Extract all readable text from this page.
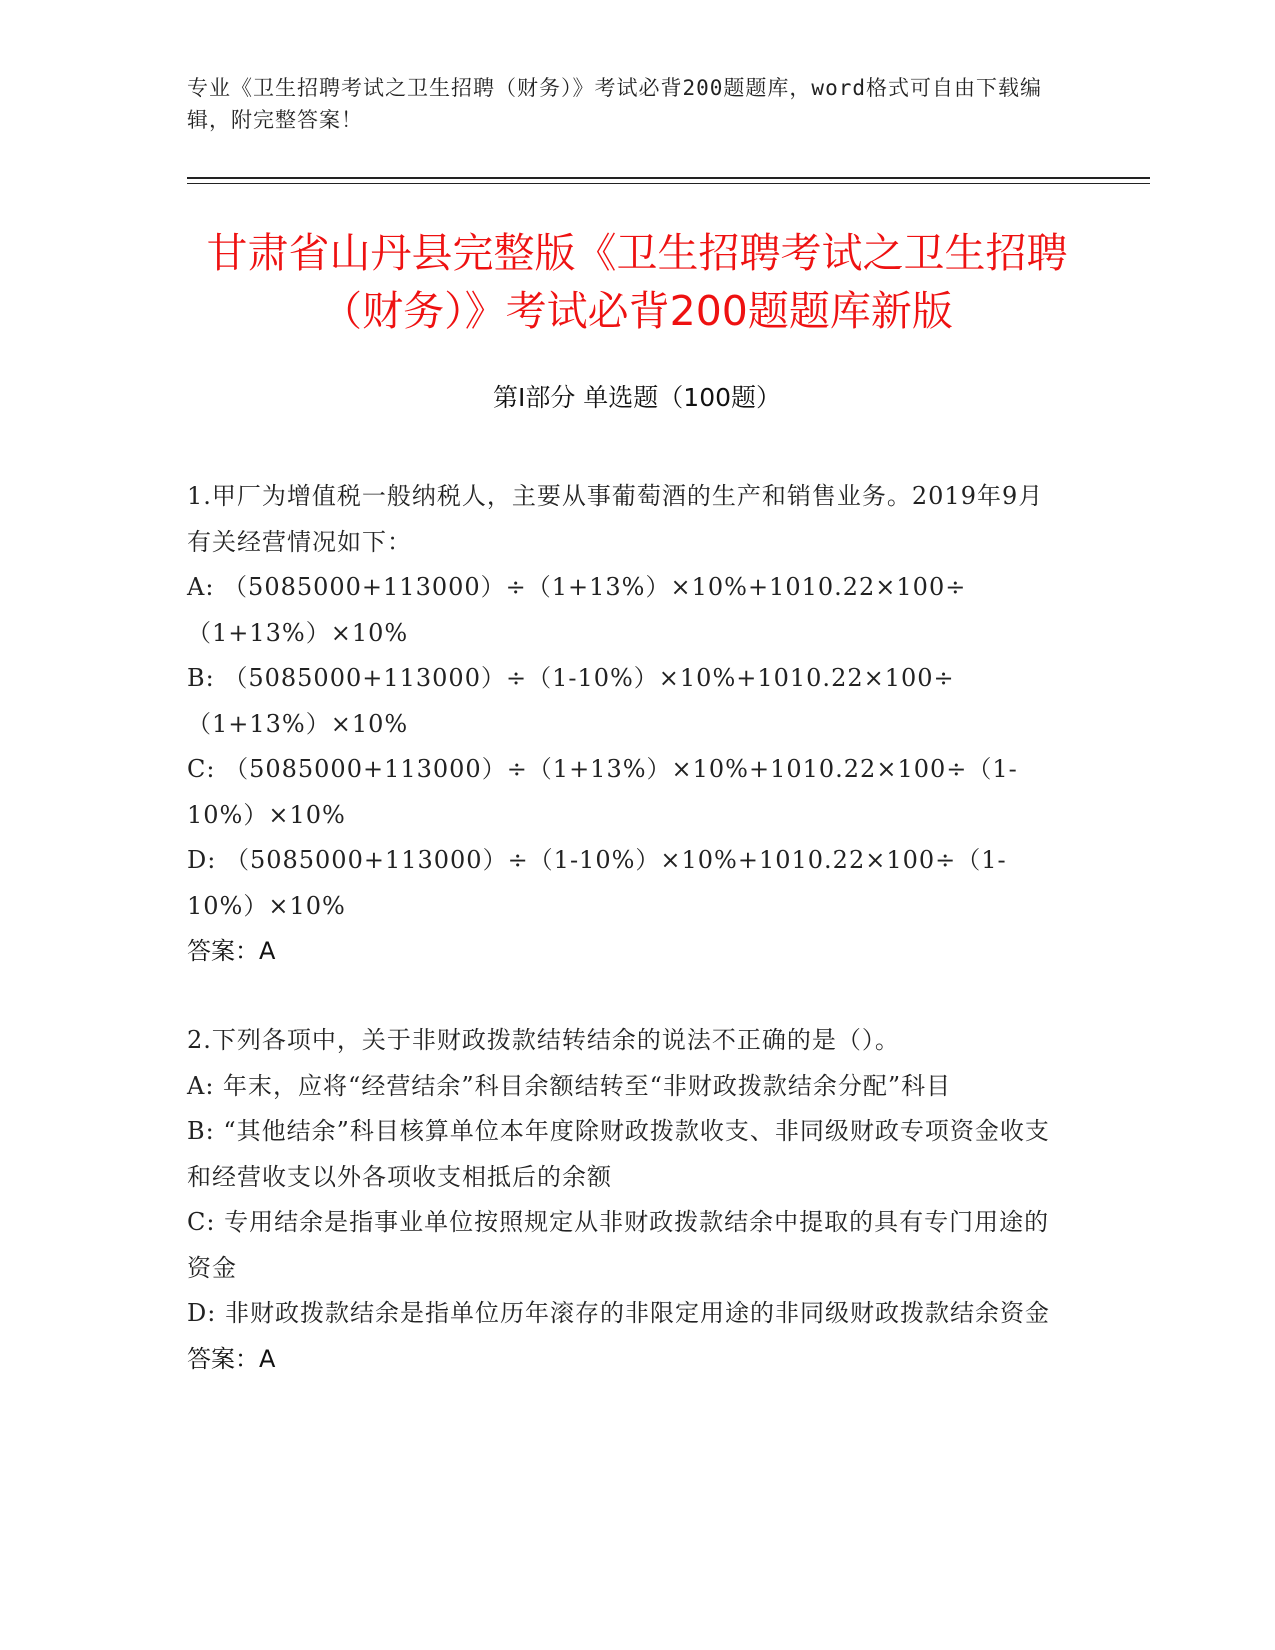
专业《卫生招聘考试之卫生招聘（财务）》考试必背200题题库，word格式可自由下载编辑，附完整答案！
甘肃省山丹县完整版《卫生招聘考试之卫生招聘（财务）》考试必背200题题库新版
第Ⅰ部分 单选题（100题）

1.甲厂为增值税一般纳税人，主要从事葡萄酒的生产和销售业务。2019年9月有关经营情况如下：

A: （5085000+113000）÷（1+13%）×10%+1010.22×100÷（1+13%）×10%

B: （5085000+113000）÷（1-10%）×10%+1010.22×100÷（1+13%）×10%

C: （5085000+113000）÷（1+13%）×10%+1010.22×100÷（1-10%）×10%

D: （5085000+113000）÷（1-10%）×10%+1010.22×100÷（1-10%）×10%

答案：A

2.下列各项中，关于非财政拨款结转结余的说法不正确的是（）。

A: 年末，应将“经营结余”科目余额结转至“非财政拨款结余分配”科目

B: “其他结余”科目核算单位本年度除财政拨款收支、非同级财政专项资金收支和经营收支以外各项收支相抵后的余额

C: 专用结余是指事业单位按照规定从非财政拨款结余中提取的具有专门用途的资金

D: 非财政拨款结余是指单位历年滚存的非限定用途的非同级财政拨款结余资金

答案：A
